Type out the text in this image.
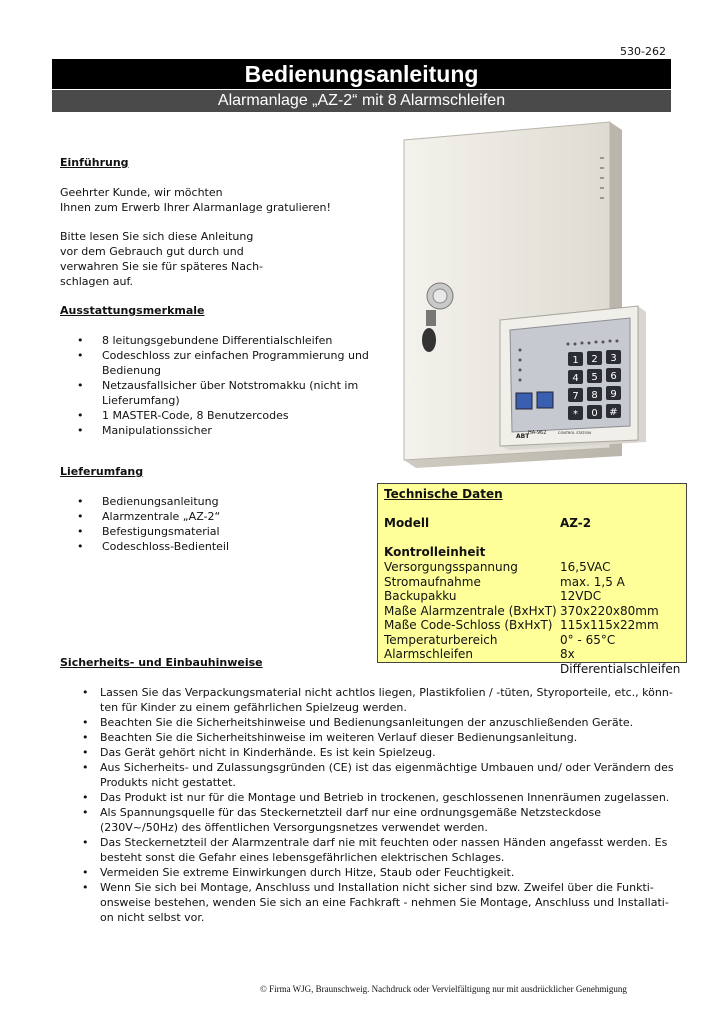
530-262
Bedienungsanleitung
Alarmanlage „AZ-2“ mit 8 Alarmschleifen
Einführung
Geehrter Kunde, wir möchten
Ihnen zum Erwerb Ihrer Alarmanlage gratulieren!
Bitte lesen Sie sich diese Anleitung
vor dem Gebrauch gut durch und
verwahren Sie sie für späteres Nach-
schlagen auf.
Ausstattungsmerkmale
• 8 leitungsgebundene Differentialschleifen
• Codeschloss zur einfachen Programmierung und Bedienung
• Netzausfallsicher über Notstromakku (nicht im Lieferumfang)
• 1 MASTER-Code, 8 Benutzercodes
• Manipulationssicher
Lieferumfang
• Bedienungsanleitung
• Alarmzentrale „AZ-2“
• Befestigungsmaterial
• Codeschloss-Bedienteil
1 2 3
4 5 6
7 8 9
* 0 #
ABT
HA-962	CONTROL STATION
Technische Daten
Modell	AZ-2
Kontrolleinheit
Versorgungsspannung	16,5VAC
Stromaufnahme	max. 1,5 A
Backupakku	12VDC
Maße Alarmzentrale (BxHxT) 370x220x80mm
Maße Code-Schloss (BxHxT) 115x115x22mm
Temperaturbereich	0° - 65°C
Alarmschleifen	8x Differentialschleifen
Sicherheits- und Einbauhinweise
• Lassen Sie das Verpackungsmaterial nicht achtlos liegen, Plastikfolien / -tüten, Styroporteile, etc., könn-
ten für Kinder zu einem gefährlichen Spielzeug werden.
• Beachten Sie die Sicherheitshinweise und Bedienungsanleitungen der anzuschließenden Geräte.
• Beachten Sie die Sicherheitshinweise im weiteren Verlauf dieser Bedienungsanleitung.
• Das Gerät gehört nicht in Kinderhände. Es ist kein Spielzeug.
• Aus Sicherheits- und Zulassungsgründen (CE) ist das eigenmächtige Umbauen und/ oder Verändern des
Produkts nicht gestattet.
• Das Produkt ist nur für die Montage und Betrieb in trockenen, geschlossenen Innenräumen zugelassen.
• Als Spannungsquelle für das Steckernetzteil darf nur eine ordnungsgemäße Netzsteckdose
(230V~/50Hz) des öffentlichen Versorgungsnetzes verwendet werden.
• Das Steckernetzteil der Alarmzentrale darf nie mit feuchten oder nassen Händen angefasst werden. Es
besteht sonst die Gefahr eines lebensgefährlichen elektrischen Schlages.
• Vermeiden Sie extreme Einwirkungen durch Hitze, Staub oder Feuchtigkeit.
• Wenn Sie sich bei Montage, Anschluss und Installation nicht sicher sind bzw. Zweifel über die Funkti-
onsweise bestehen, wenden Sie sich an eine Fachkraft - nehmen Sie Montage, Anschluss und Installati-
on nicht selbst vor.
© Firma WJG, Braunschweig. Nachdruck oder Vervielfältigung nur mit ausdrücklicher Genehmigung
